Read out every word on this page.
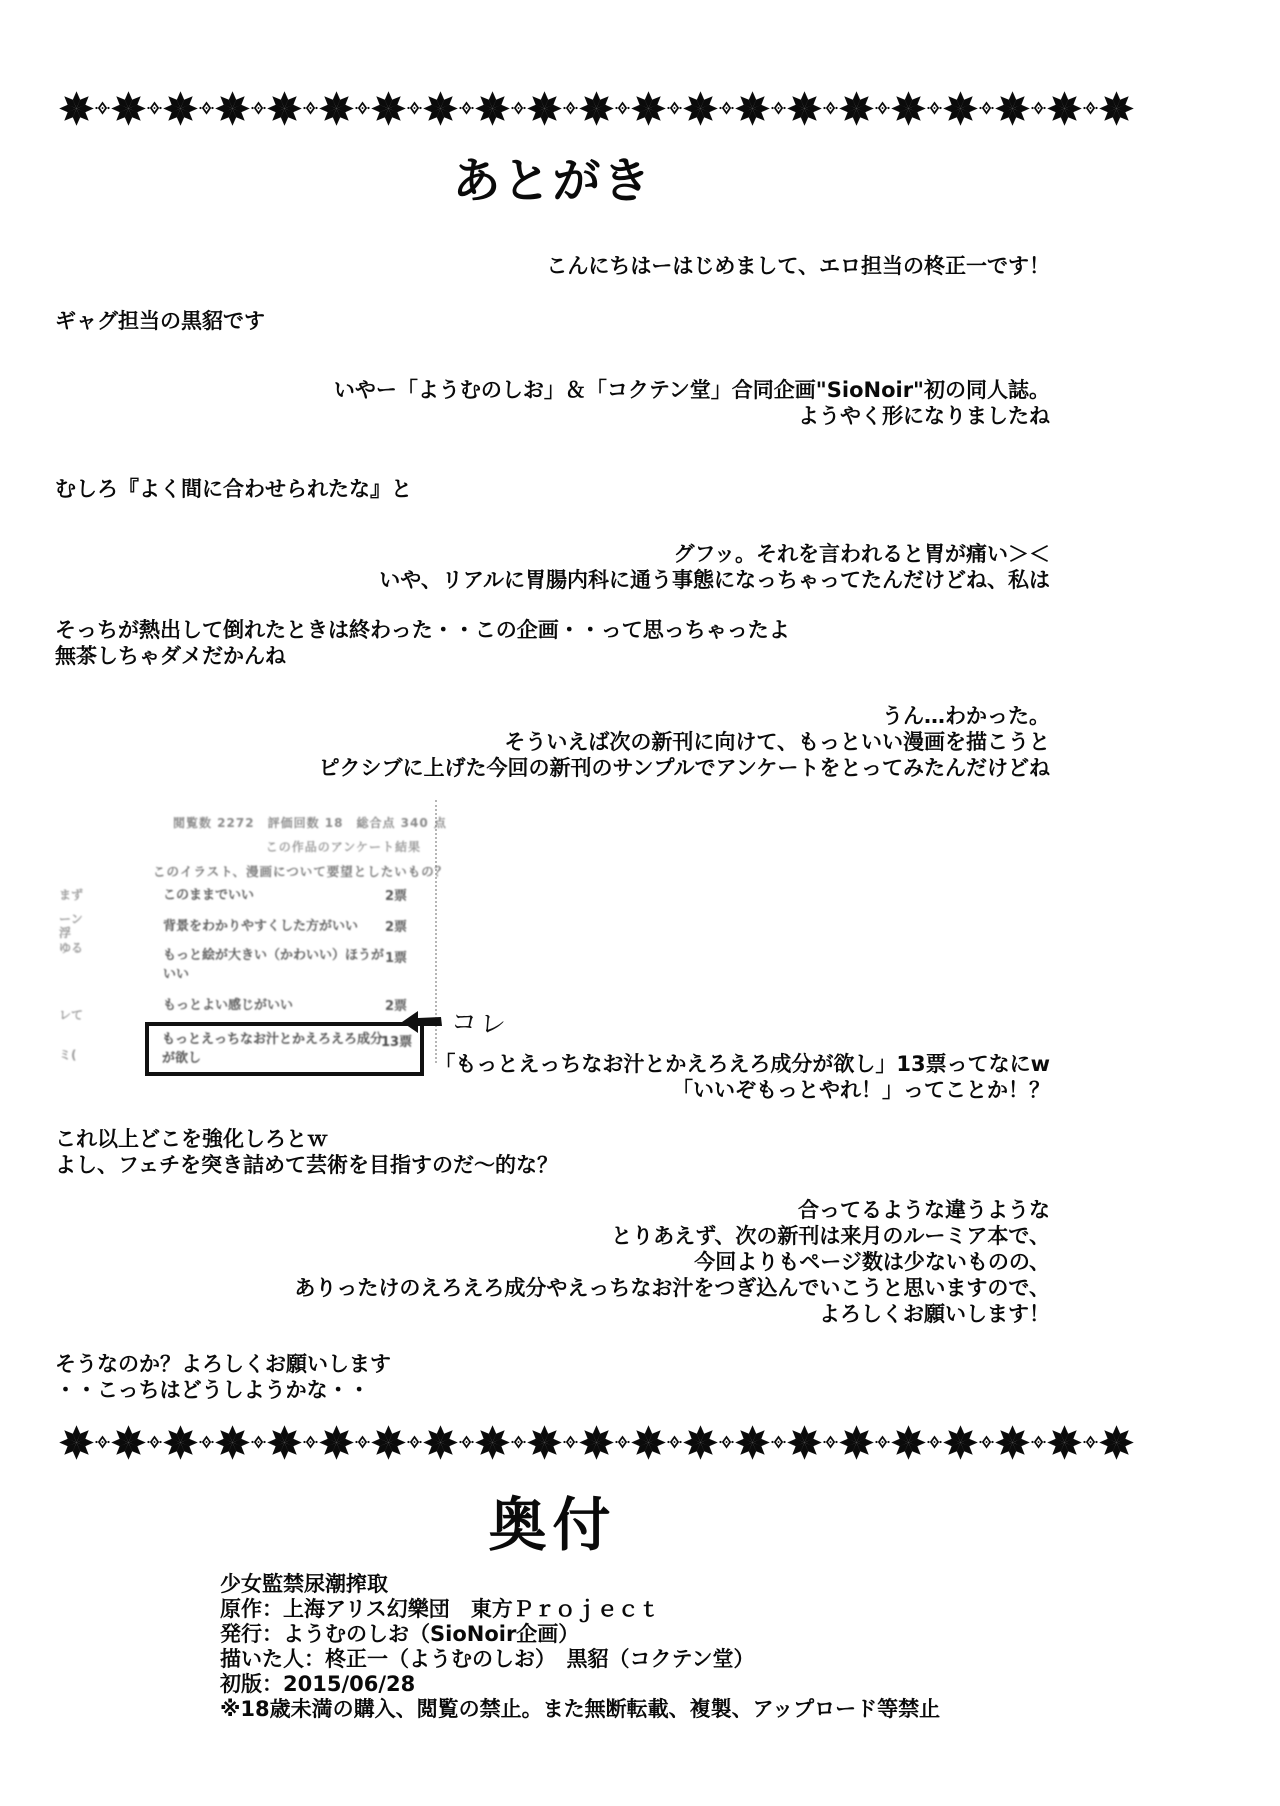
あとがき
こんにちはーはじめまして、エロ担当の柊正一です！
ギャグ担当の黒貂です
いやー「ようむのしお」＆「コクテン堂」合同企画"SioNoir"初の同人誌。
ようやく形になりましたね
むしろ『よく間に合わせられたな』と
グフッ。それを言われると胃が痛い＞＜
いや、リアルに胃腸内科に通う事態になっちゃってたんだけどね、私は
そっちが熱出して倒れたときは終わった・・この企画・・って思っちゃったよ
無茶しちゃダメだかんね
うん…わかった。
そういえば次の新刊に向けて、もっといい漫画を描こうと
ピクシブに上げた今回の新刊のサンプルでアンケートをとってみたんだけどね
閲覧数 2272　評価回数 18　総合点 340 点
この作品のアンケート結果
このイラスト、漫画について要望としたいもの？
このままでいい	2票
背景をわかりやすくした方がいい 2票
もっと絵が大きい（かわいい）ほうがいい
1票
もっとよい感じがいい	2票
もっとえっちなお汁とかえろえろ成分が欲し
13票
まず
ーン
浮
ゆる
レて
ミ(
コレ
「もっとえっちなお汁とかえろえろ成分が欲し」13票ってなにw
「いいぞもっとやれ！」ってことか！？
これ以上どこを強化しろとｗ
よし、フェチを突き詰めて芸術を目指すのだ～的な？
合ってるような違うような
とりあえず、次の新刊は来月のルーミア本で、
今回よりもページ数は少ないものの、
ありったけのえろえろ成分やえっちなお汁をつぎ込んでいこうと思いますので、
よろしくお願いします！
そうなのか？よろしくお願いします
・・こっちはどうしようかな・・
奥付
少女監禁尿潮搾取
原作：上海アリス幻樂団　東方Ｐｒｏｊｅｃｔ
発行：ようむのしお（SioNoir企画）
描いた人：柊正一（ようむのしお）　黒貂（コクテン堂）
初版：2015/06/28
※18歳未満の購入、閲覧の禁止。また無断転載、複製、アップロード等禁止
